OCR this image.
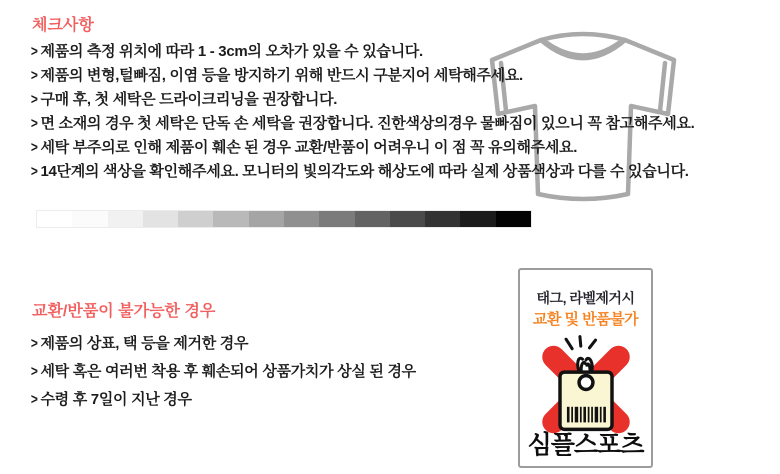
체크사항
> 제품의 측정 위치에 따라 1 - 3cm의 오차가 있을 수 있습니다.
> 제품의 변형,털빠짐, 이염 등을 방지하기 위해 반드시 구분지어 세탁해주세요.
> 구매 후, 첫 세탁은 드라이크리닝을 권장합니다.
> 면 소재의 경우 첫 세탁은 단독 손 세탁을 권장합니다. 진한색상의경우 물빠짐이 있으니 꼭 참고해주세요.
> 세탁 부주의로 인해 제품이 훼손 된 경우 교환/반품이 어려우니 이 점 꼭 유의해주세요.
> 14단계의 색상을 확인해주세요. 모니터의 빛의각도와 해상도에 따라 실제 상품색상과 다를 수 있습니다.
교환/반품이 불가능한 경우
> 제품의 상표, 택 등을 제거한 경우
> 세탁 혹은 여러번 착용 후 훼손되어 상품가치가 상실 된 경우
> 수령 후 7일이 지난 경우
태그, 라벨제거시
교환 및 반품불가
심플스포츠
